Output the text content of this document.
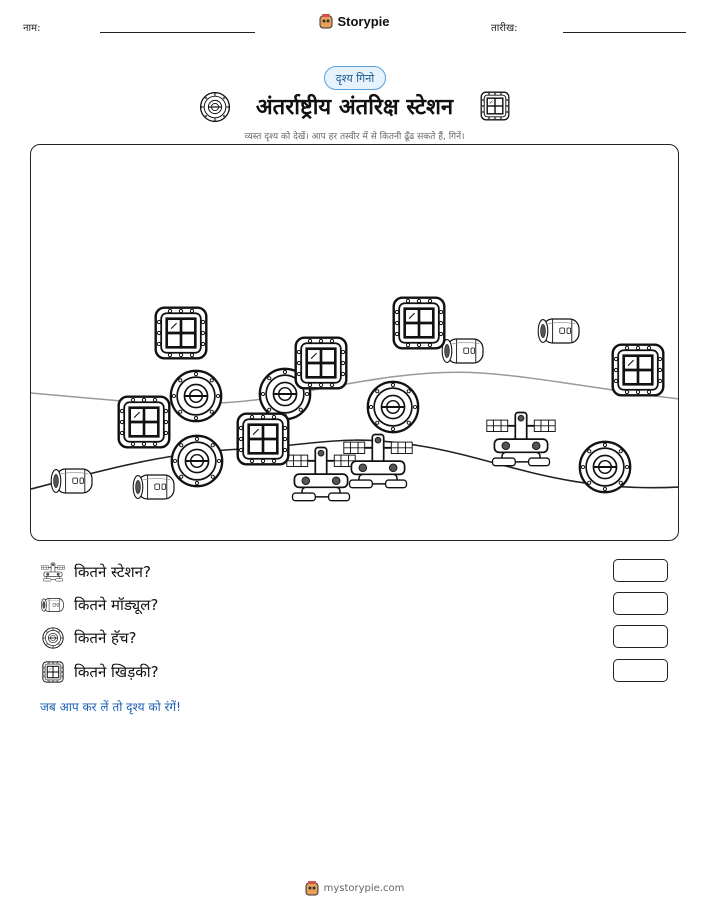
नाम:	Storypie	तारीख:
दृश्य गिनो
अंतर्राष्ट्रीय अंतरिक्ष स्टेशन
व्यस्त दृश्य को देखें। आप हर तस्वीर में से कितनी ढूँढ सकते हैं, गिनें।
कितने स्टेशन?
कितने मॉड्यूल?
कितने हॅच?
कितने खिड़की?
जब आप कर लें तो दृश्य को रंगें!
mystorypie.com
